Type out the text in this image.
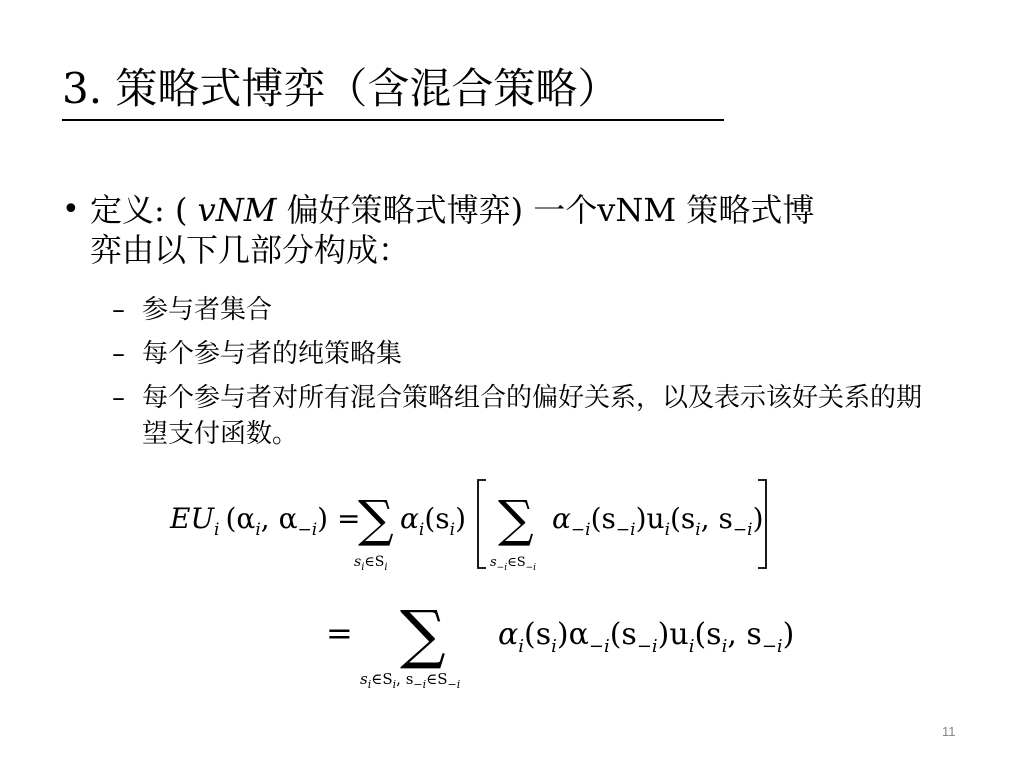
3. 策略式博弈（含混合策略）
• 定义: ( vNM 偏好策略式博弈) 一个vNM 策略式博
弈由以下几部分构成：
– 参与者集合
– 每个参与者的纯策略集
– 每个参与者对所有混合策略组合的偏好关系，以及表示该好关系的期望支付函数。
$EU_i$ ($\alpha_i$, $\alpha_{-i}$) =
∑
$s_i\in S_i$
$\alpha_i(s_i)$ ∑
$s_{-i}\in S_{-i}$
$\alpha_{-i}(s_{-i})u_i(s_i$, $s_{-i}$)
= ∑
$s_i\in S_i$, $s_{-i}\in S_{-i}$
$\alpha_i(s_i)\alpha_{-i}(s_{-i})u_i(s_i$, $s_{-i}$)
11
